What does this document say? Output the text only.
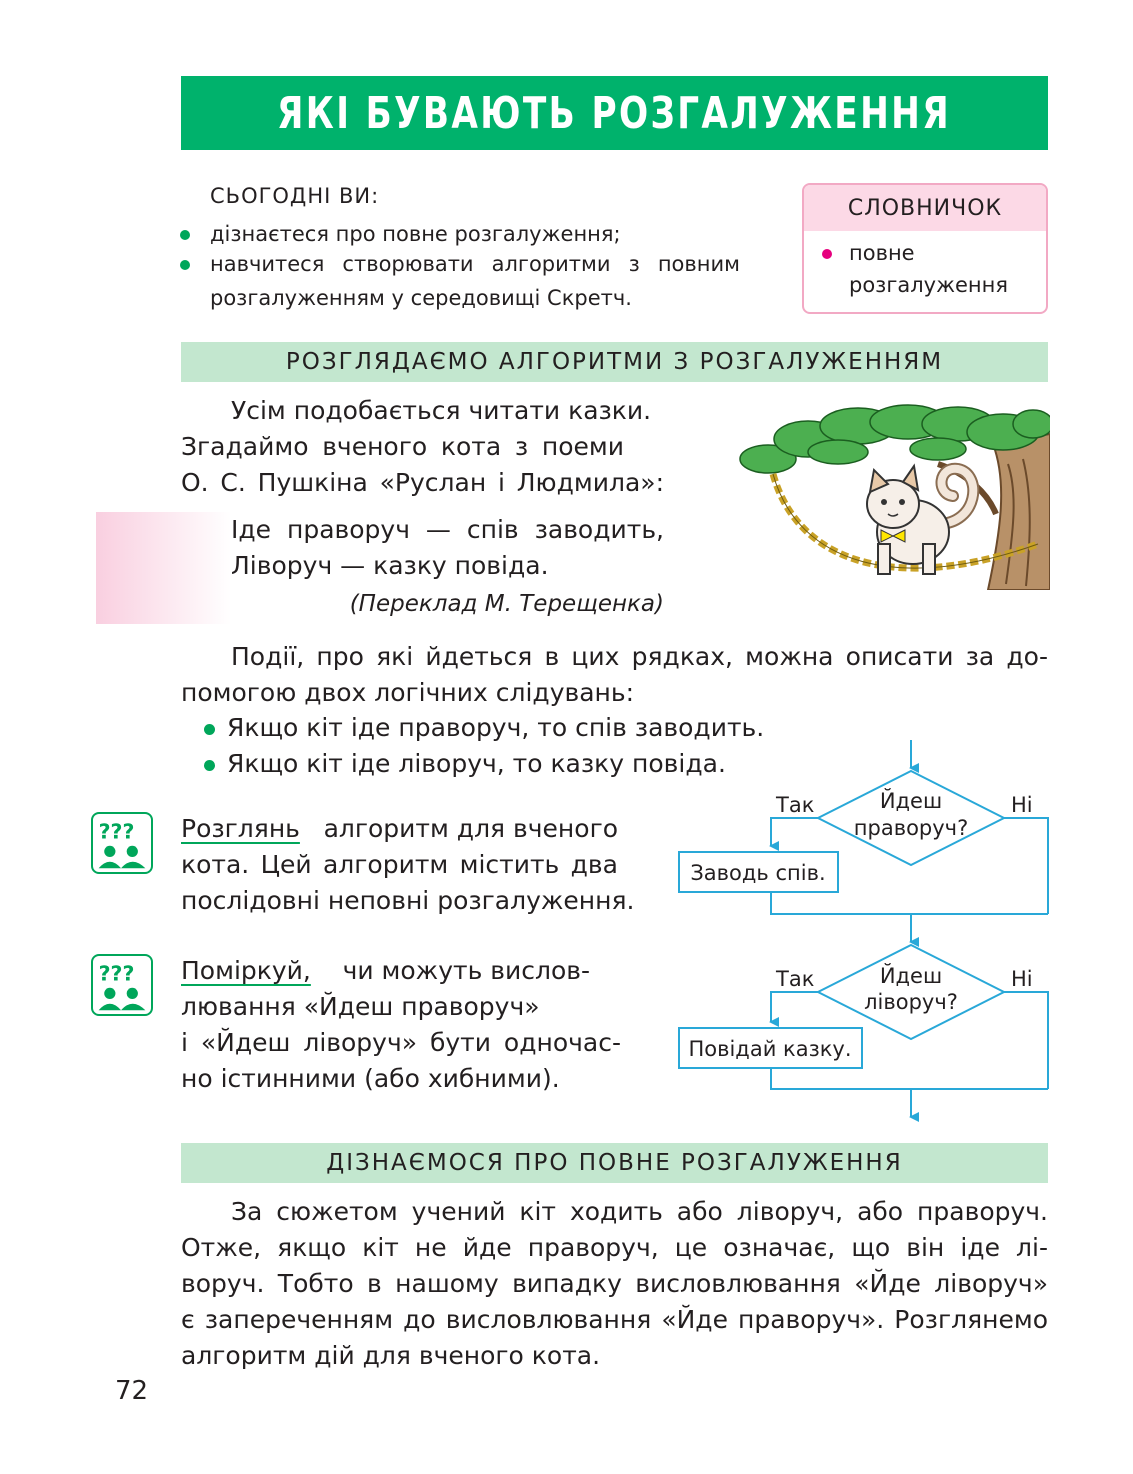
ЯКІ БУВАЮТЬ РОЗГАЛУЖЕННЯ
СЬОГОДНІ ВИ:
дізнаєтеся про повне розгалуження;
навчитеся створювати алгоритми з повним розгалуженням у середовищі Скретч.
СЛОВНИЧОК
повне розгалуження
РОЗГЛЯДАЄМО АЛГОРИТМИ З РОЗГАЛУЖЕННЯМ
Усім подобається читати казки.
Згадаймо вченого кота з поеми
О. С. Пушкіна «Руслан і Людмила»:
Іде праворуч — спів заводить,
Ліворуч — казку повіда.
(Переклад М. Терещенка)
Події, про які йдеться в цих рядках, можна описати за до-
помогою двох логічних слідувань:
Якщо кіт іде праворуч, то спів заводить.
Якщо кіт іде ліворуч, то казку повіда.
???
???
Розглянь алгоритм для вченого
кота. Цей алгоритм містить два
послідовні неповні розгалуження.
Поміркуй, чи можуть вислов-
лювання «Йдеш праворуч»
і «Йдеш ліворуч» бути одночас-
но істинними (або хибними).
Так	Ні
Йдеш
праворуч?
Заводь спів.
Так	Ні
Йдеш
ліворуч?
Повідай казку.
ДІЗНАЄМОСЯ ПРО ПОВНЕ РОЗГАЛУЖЕННЯ
За сюжетом учений кіт ходить або ліворуч, або праворуч.
Отже, якщо кіт не йде праворуч, це означає, що він іде лі-
воруч. Тобто в нашому випадку висловлювання «Йде ліворуч»
є запереченням до висловлювання «Йде праворуч». Розглянемо
алгоритм дій для вченого кота.
72
